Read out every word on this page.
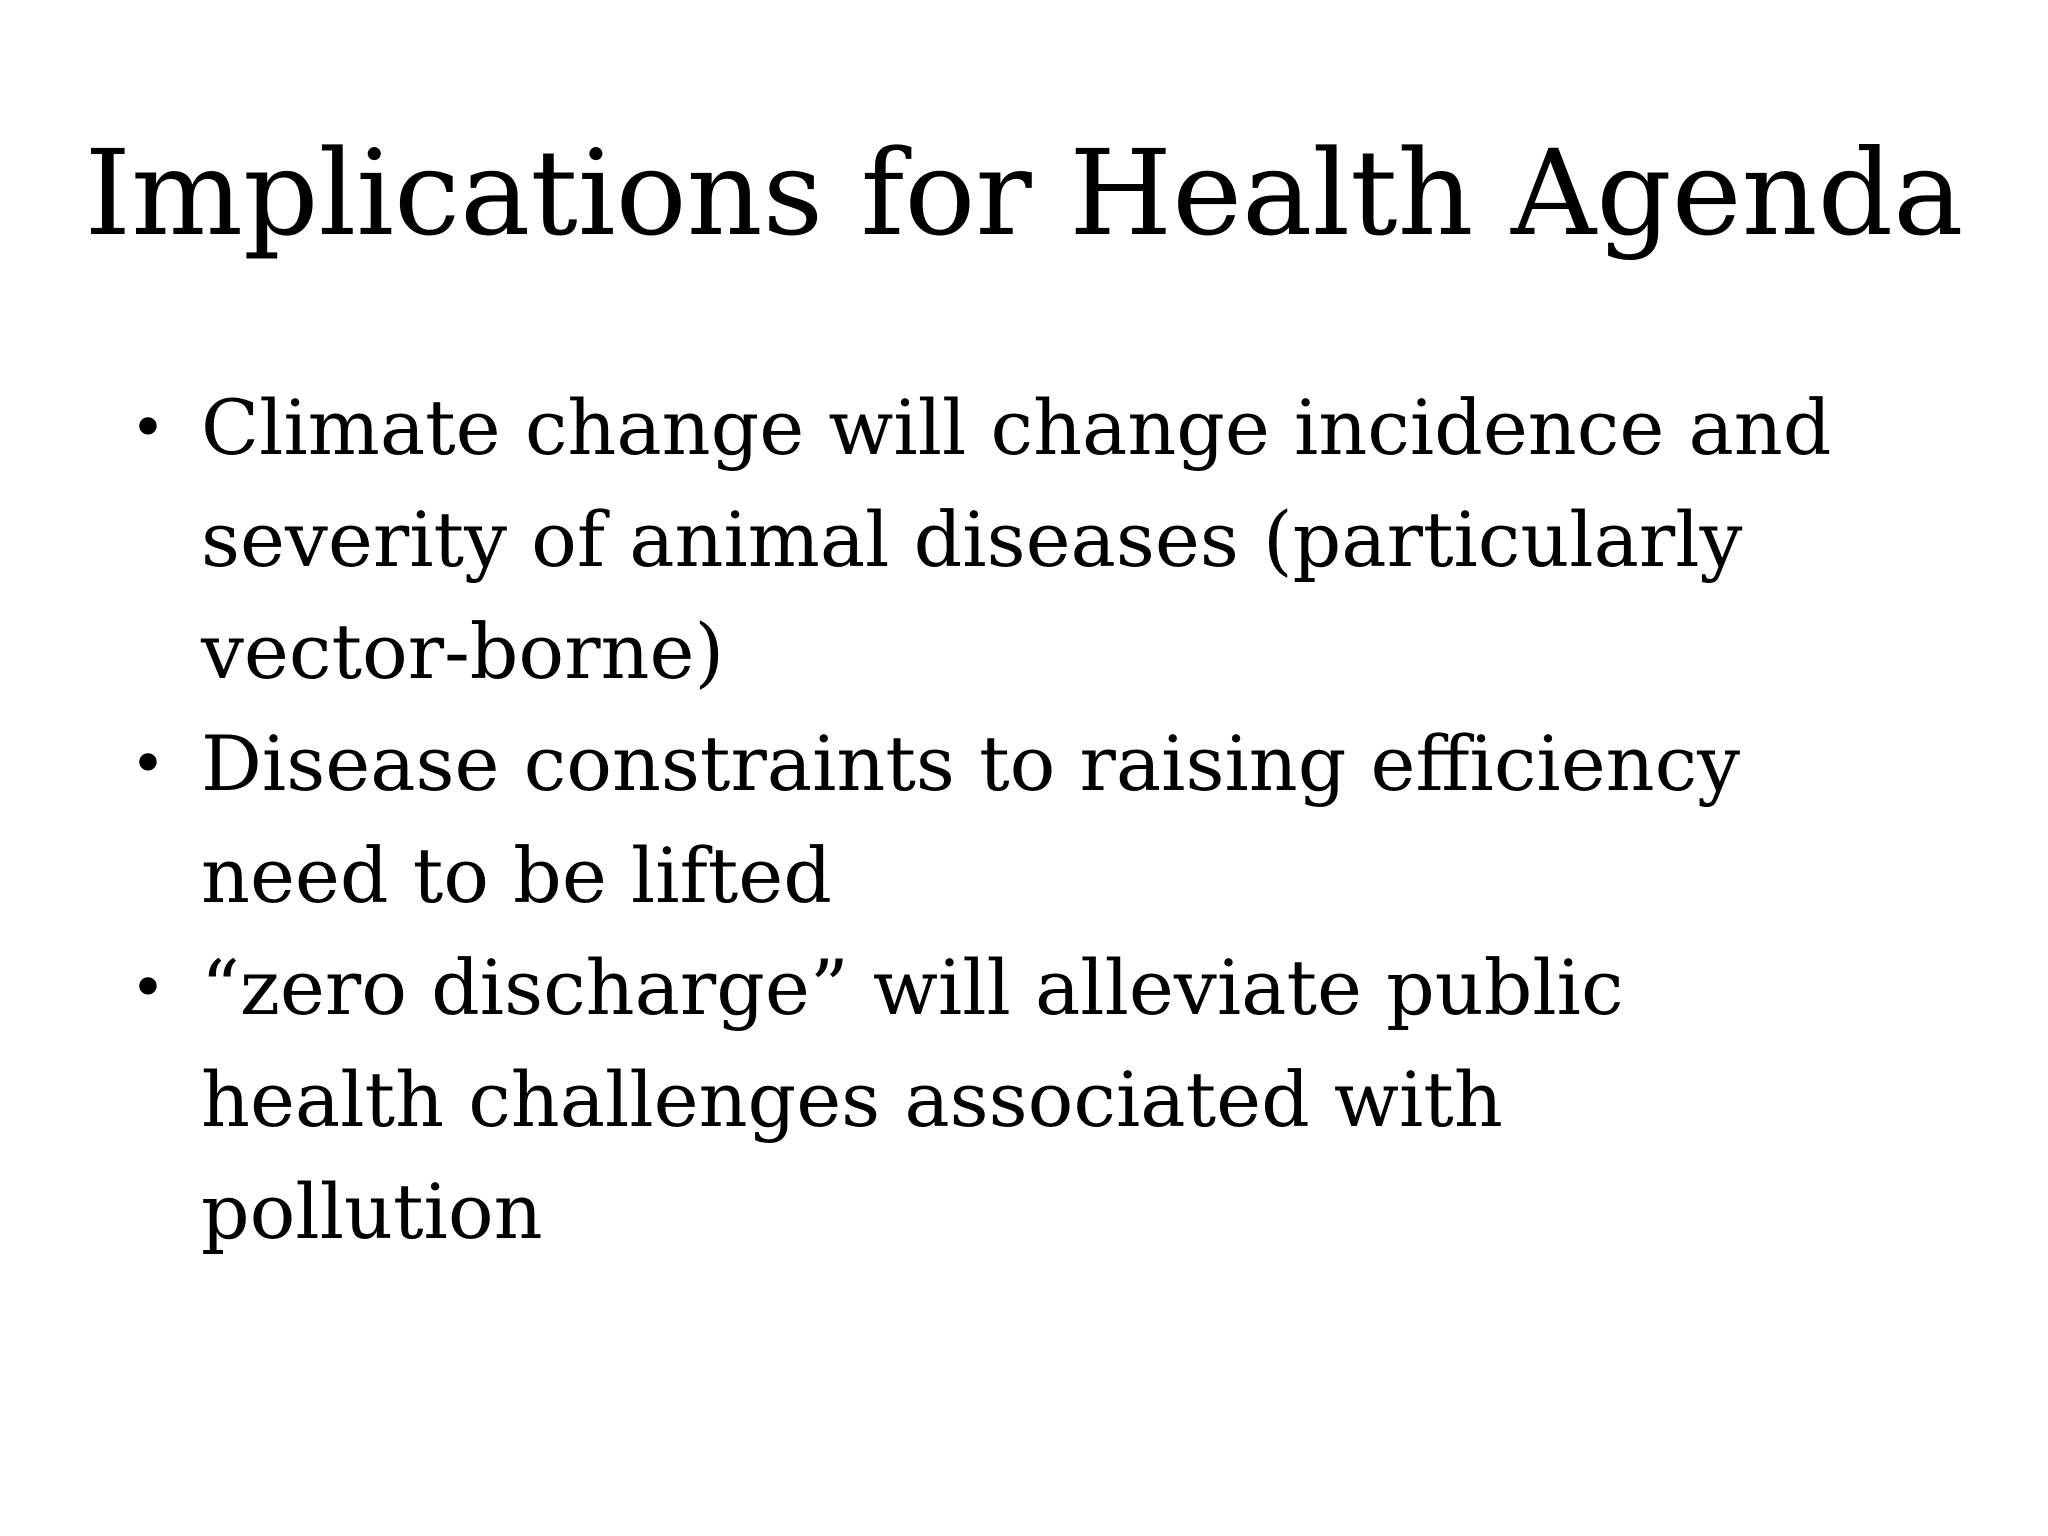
Implications for Health Agenda
• Climate change will change incidence and
severity of animal diseases (particularly
vector-borne)
• Disease constraints to raising efficiency
need to be lifted
• “zero discharge” will alleviate public
health challenges associated with
pollution
